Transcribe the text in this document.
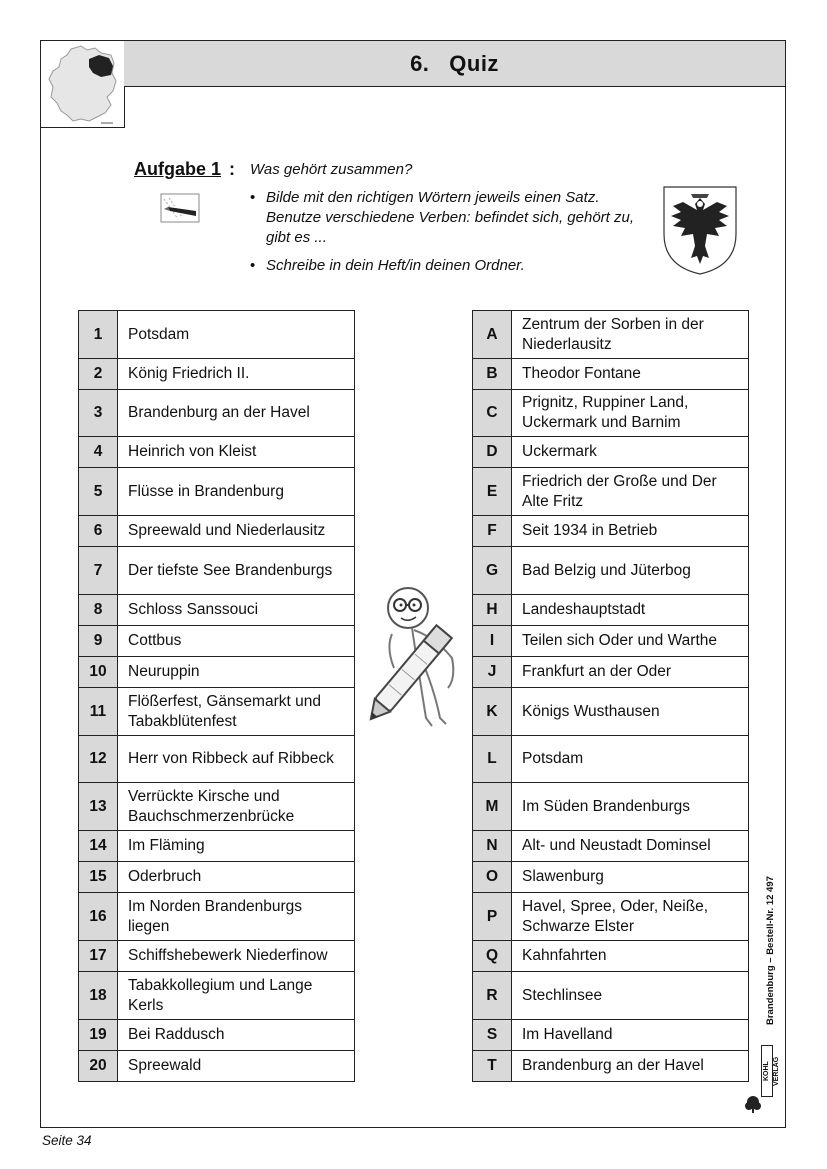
6. Quiz
Aufgabe 1 : Was gehört zusammen?
• Bilde mit den richtigen Wörtern jeweils einen Satz. Benutze verschiedene Verben: befindet sich, gehört zu, gibt es ...
• Schreibe in dein Heft/in deinen Ordner.
1	Potsdam
2	König Friedrich II.
3	Brandenburg an der Havel
4	Heinrich von Kleist
5	Flüsse in Brandenburg
6	Spreewald und Niederlausitz
7	Der tiefste See Brandenburgs
8	Schloss Sanssouci
9	Cottbus
10	Neuruppin
11	Flößerfest, Gänsemarkt und Tabakblütenfest
12	Herr von Ribbeck auf Ribbeck
13	Verrückte Kirsche und Bauchschmerzenbrücke
14	Im Fläming
15	Oderbruch
16	Im Norden Brandenburgs liegen
17	Schiffshebewerk Niederfinow
18	Tabakkollegium und Lange Kerls
19	Bei Raddusch
20	Spreewald
A	Zentrum der Sorben in der Niederlausitz
B	Theodor Fontane
C	Prignitz, Ruppiner Land, Uckermark und Barnim
D	Uckermark
E	Friedrich der Große und Der Alte Fritz
F	Seit 1934 in Betrieb
G	Bad Belzig und Jüterbog
H	Landeshauptstadt
I	Teilen sich Oder und Warthe
J	Frankfurt an der Oder
K	Königs Wusthausen
L	Potsdam
M	Im Süden Brandenburgs
N	Alt- und Neustadt Dominsel
O	Slawenburg
P	Havel, Spree, Oder, Neiße, Schwarze Elster
Q	Kahnfahrten
R	Stechlinsee
S	Im Havelland
T	Brandenburg an der Havel
Brandenburg – Bestell-Nr. 12 497
KOHL VERLAG
Seite 34
